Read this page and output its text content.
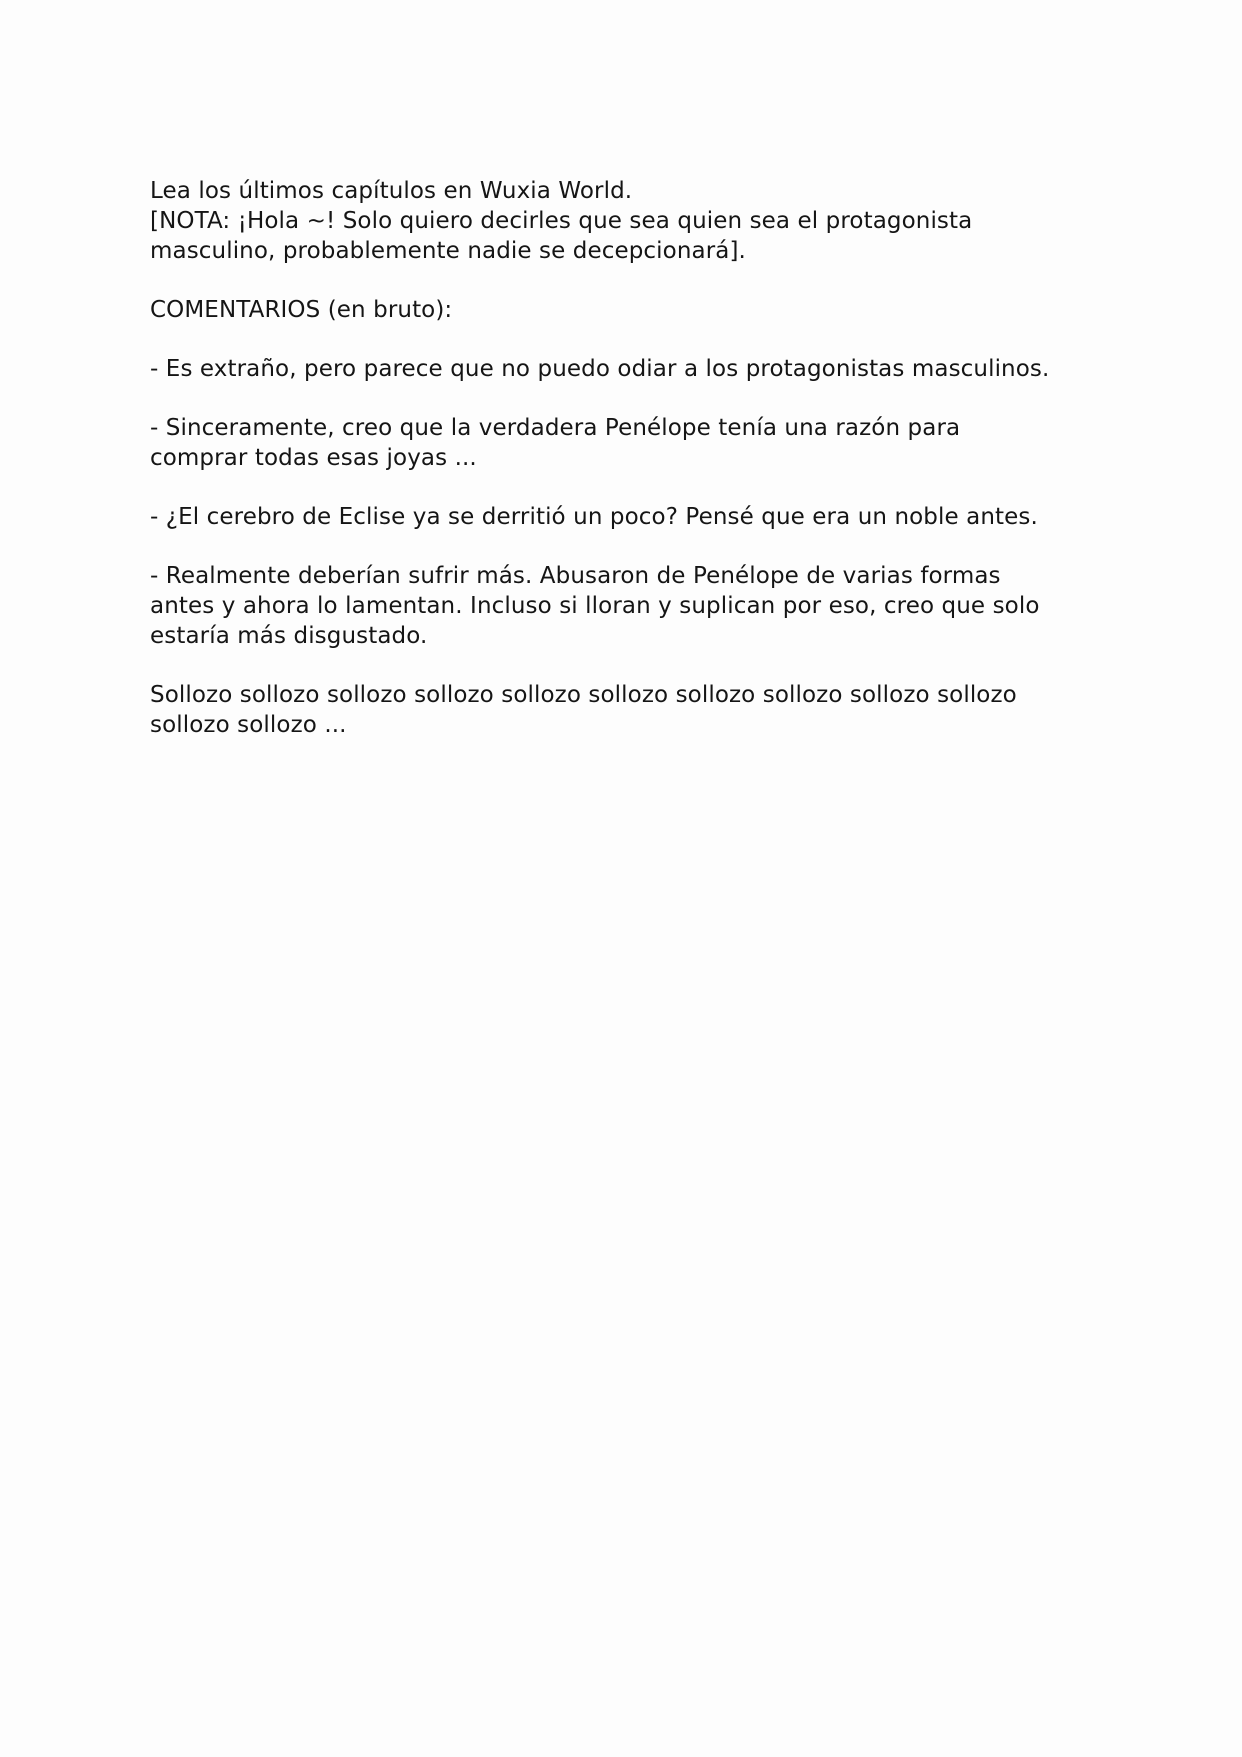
Lea los últimos capítulos en Wuxia World.
[NOTA: ¡Hola ~! Solo quiero decirles que sea quien sea el protagonista
masculino, probablemente nadie se decepcionará].
COMENTARIOS (en bruto):
- Es extraño, pero parece que no puedo odiar a los protagonistas masculinos.
- Sinceramente, creo que la verdadera Penélope tenía una razón para
comprar todas esas joyas ...
- ¿El cerebro de Eclise ya se derritió un poco? Pensé que era un noble antes.
- Realmente deberían sufrir más. Abusaron de Penélope de varias formas
antes y ahora lo lamentan. Incluso si lloran y suplican por eso, creo que solo
estaría más disgustado.
Sollozo sollozo sollozo sollozo sollozo sollozo sollozo sollozo sollozo sollozo
sollozo sollozo ...
